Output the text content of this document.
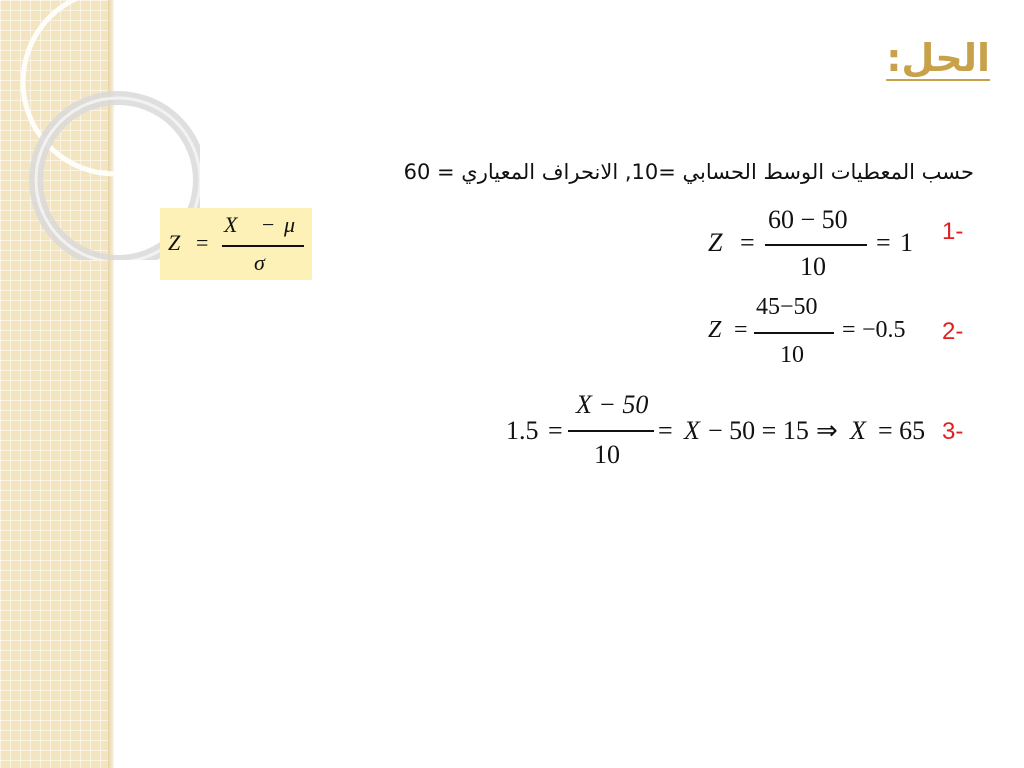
الحل:
حسب المعطيات الوسط الحسابي =10, الانحراف المعياري = 60
Z =
X − μ
σ
1-
Z =
60 − 50
10
= 1
2-
Z =
45−50
10
= −0.5
3-
1.5 =
X − 50
10
= X − 50 = 15 ⇒ X = 65
